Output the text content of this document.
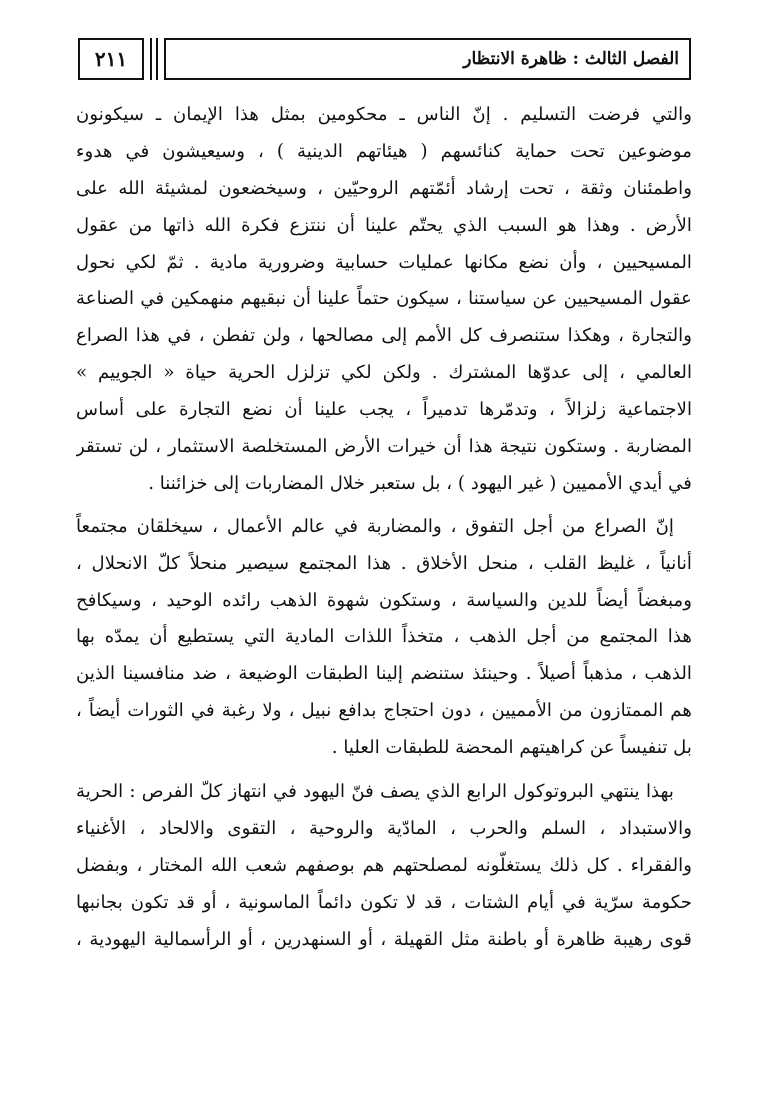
٢١١	الفصل الثالث : ظاهرة الانتظار
والتي فرضت التسليم . إنّ الناس ـ محكومين بمثل هذا الإيمان ـ سيكونون
موضوعين تحت حماية كنائسهم ( هيئاتهم الدينية ) ، وسيعيشون في هدوء
واطمئنان وثقة ، تحت إرشاد أئمّتهم الروحيّين ، وسيخضعون لمشيئة الله على
الأرض . وهذا هو السبب الذي يحتّم علينا أن ننتزع فكرة الله ذاتها من عقول
المسيحيين ، وأن نضع مكانها عمليات حسابية وضرورية مادية . ثمّ لكي نحول
عقول المسيحيين عن سياستنا ، سيكون حتماً علينا أن نبقيهم منهمكين في الصناعة
والتجارة ، وهكذا ستنصرف كل الأمم إلى مصالحها ، ولن تفطن ، في هذا الصراع
العالمي ، إلى عدوّها المشترك . ولكن لكي تزلزل الحرية حياة « الجوييم »
الاجتماعية زلزالاً ، وتدمّرها تدميراً ، يجب علينا أن نضع التجارة على أساس
المضاربة . وستكون نتيجة هذا أن خيرات الأرض المستخلصة الاستثمار ، لن تستقر
في أيدي الأمميين ( غير اليهود ) ، بل ستعبر خلال المضاربات إلى خزائننا .
إنّ الصراع من أجل التفوق ، والمضاربة في عالم الأعمال ، سيخلقان مجتمعاً
أنانياً ، غليظ القلب ، منحل الأخلاق . هذا المجتمع سيصير منحلاً كلّ الانحلال ،
ومبغضاً أيضاً للدين والسياسة ، وستكون شهوة الذهب رائده الوحيد ، وسيكافح
هذا المجتمع من أجل الذهب ، متخذاً اللذات المادية التي يستطيع أن يمدّه بها
الذهب ، مذهباً أصيلاً . وحينئذ ستنضم إلينا الطبقات الوضيعة ، ضد منافسينا الذين
هم الممتازون من الأمميين ، دون احتجاج بدافع نبيل ، ولا رغبة في الثورات أيضاً ،
بل تنفيساً عن كراهيتهم المحضة للطبقات العليا .
بهذا ينتهي البروتوكول الرابع الذي يصف فنّ اليهود في انتهاز كلّ الفرص : الحرية
والاستبداد ، السلم والحرب ، المادّية والروحية ، التقوى والالحاد ، الأغنياء
والفقراء . كل ذلك يستغلّونه لمصلحتهم هم بوصفهم شعب الله المختار ، وبفضل
حكومة سرّية في أيام الشتات ، قد لا تكون دائماً الماسونية ، أو قد تكون بجانبها
قوى رهيبة ظاهرة أو باطنة مثل القهيلة ، أو السنهدرين ، أو الرأسمالية اليهودية ،
